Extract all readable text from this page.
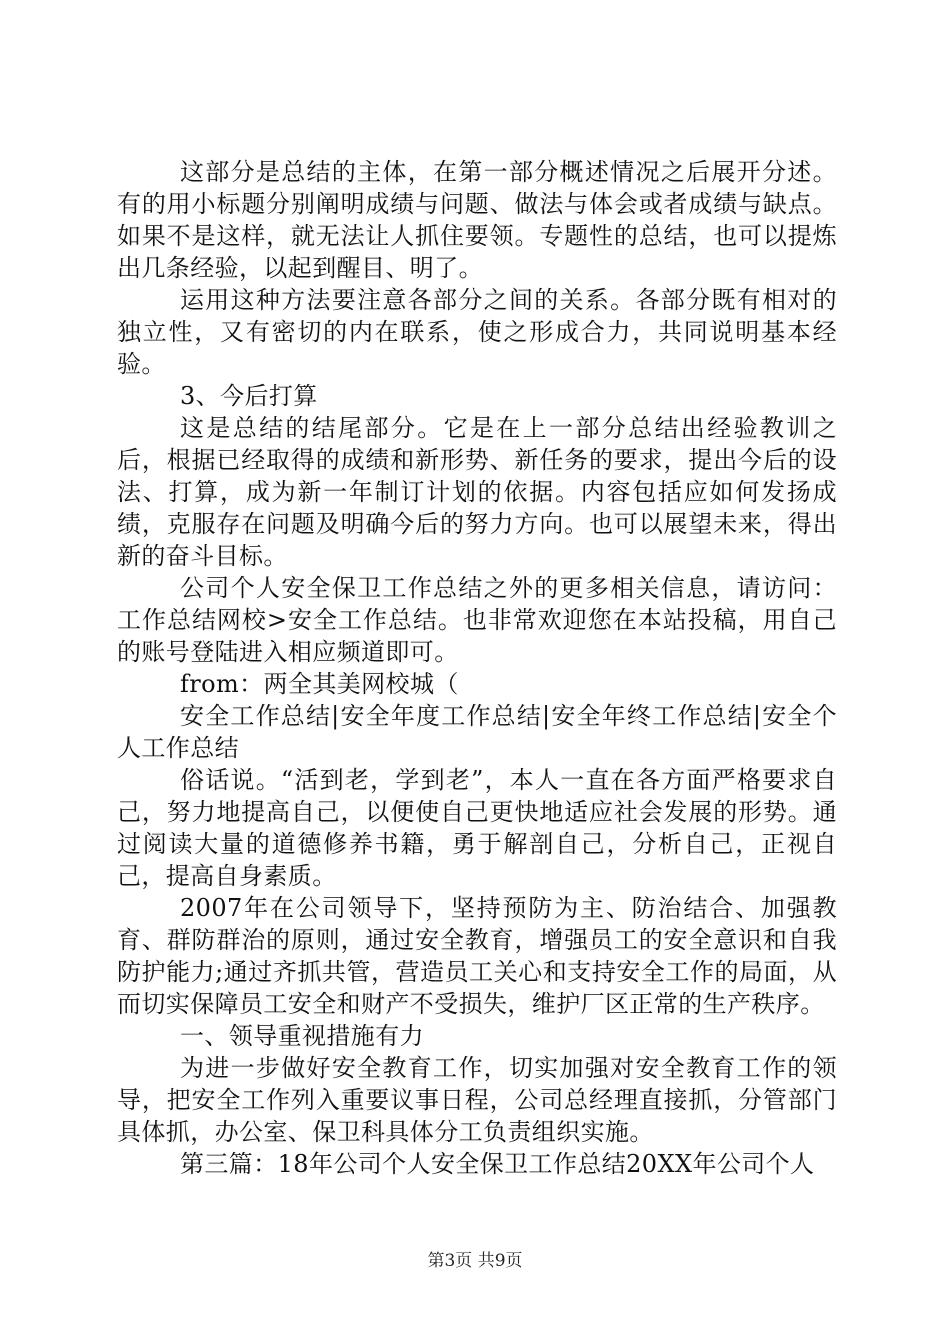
这部分是总结的主体，在第一部分概述情况之后展开分述。有的用小标题分别阐明成绩与问题、做法与体会或者成绩与缺点。如果不是这样，就无法让人抓住要领。专题性的总结，也可以提炼出几条经验，以起到醒目、明了。

运用这种方法要注意各部分之间的关系。各部分既有相对的独立性，又有密切的内在联系，使之形成合力，共同说明基本经验。

3、今后打算

这是总结的结尾部分。它是在上一部分总结出经验教训之后，根据已经取得的成绩和新形势、新任务的要求，提出今后的设法、打算，成为新一年制订计划的依据。内容包括应如何发扬成绩，克服存在问题及明确今后的努力方向。也可以展望未来，得出新的奋斗目标。

公司个人安全保卫工作总结之外的更多相关信息，请访问：工作总结网校>安全工作总结。也非常欢迎您在本站投稿，用自己的账号登陆进入相应频道即可。

from：两全其美网校城（

安全工作总结|安全年度工作总结|安全年终工作总结|安全个人工作总结

俗话说。“活到老，学到老”，本人一直在各方面严格要求自己，努力地提高自己，以便使自己更快地适应社会发展的形势。通过阅读大量的道德修养书籍，勇于解剖自己，分析自己，正视自己，提高自身素质。

2007年在公司领导下，坚持预防为主、防治结合、加强教育、群防群治的原则，通过安全教育，增强员工的安全意识和自我防护能力;通过齐抓共管，营造员工关心和支持安全工作的局面，从而切实保障员工安全和财产不受损失，维护厂区正常的生产秩序。

一、领导重视措施有力

为进一步做好安全教育工作，切实加强对安全教育工作的领导，把安全工作列入重要议事日程，公司总经理直接抓，分管部门具体抓，办公室、保卫科具体分工负责组织实施。

第三篇：18年公司个人安全保卫工作总结20XX年公司个人

第3页 共9页
